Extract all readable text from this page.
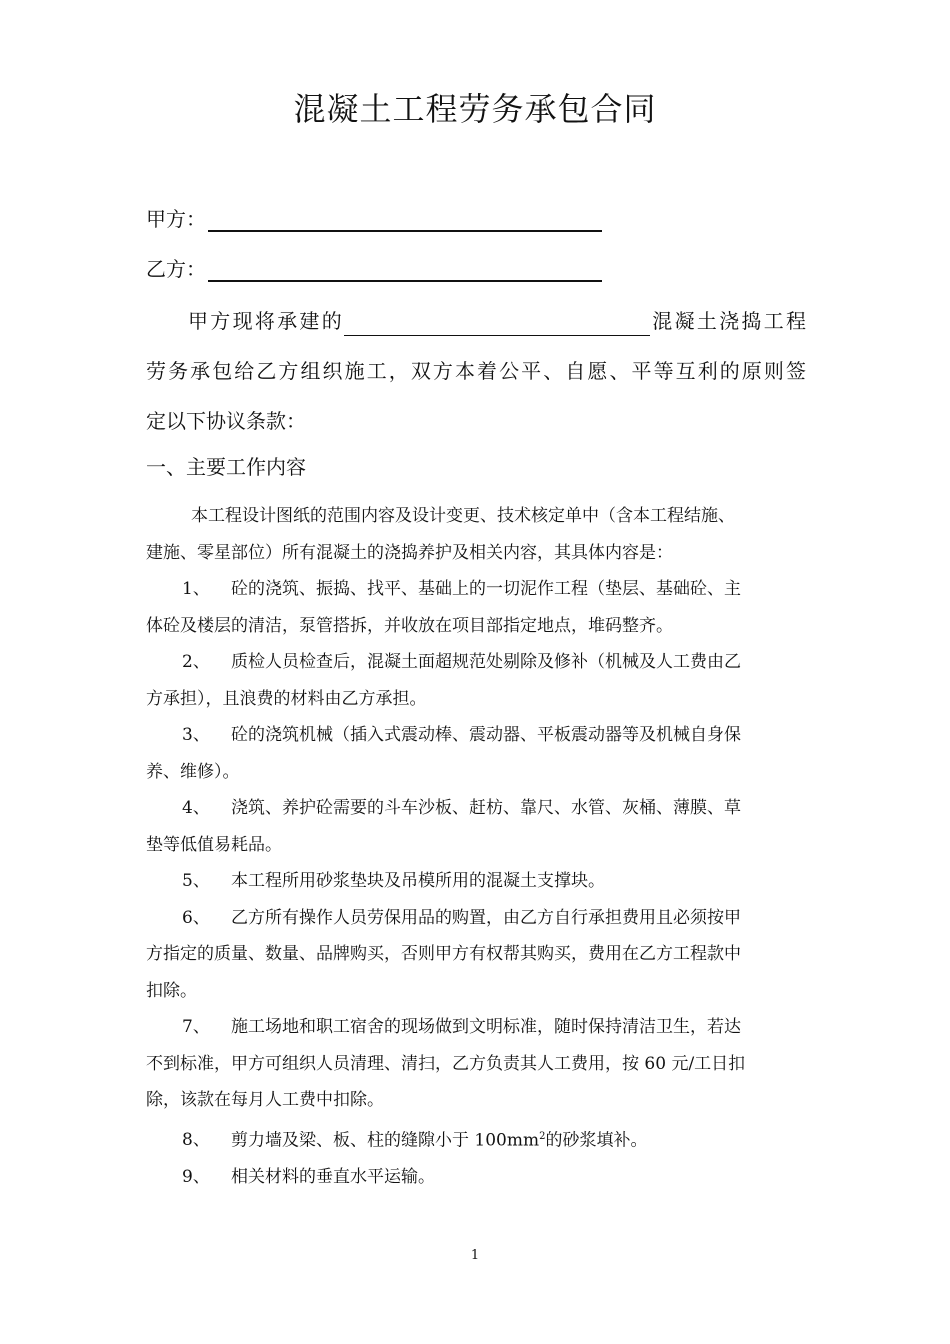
混凝土工程劳务承包合同
甲方：
乙方：
甲方现将承建的	混凝土浇捣工程
劳务承包给乙方组织施工，双方本着公平、自愿、平等互利的原则签
定以下协议条款：
一、主要工作内容

本工程设计图纸的范围内容及设计变更、技术核定单中（含本工程结施、
建施、零星部位）所有混凝土的浇捣养护及相关内容，其具体内容是：

1、 砼的浇筑、振捣、找平、基础上的一切泥作工程（垫层、基础砼、主
体砼及楼层的清洁，泵管搭拆，并收放在项目部指定地点，堆码整齐。

2、 质检人员检查后，混凝土面超规范处剔除及修补（机械及人工费由乙
方承担），且浪费的材料由乙方承担。

3、 砼的浇筑机械（插入式震动棒、震动器、平板震动器等及机械自身保
养、维修）。

4、 浇筑、养护砼需要的斗车沙板、赶枋、靠尺、水管、灰桶、薄膜、草
垫等低值易耗品。

5、 本工程所用砂浆垫块及吊模所用的混凝土支撑块。

6、 乙方所有操作人员劳保用品的购置，由乙方自行承担费用且必须按甲
方指定的质量、数量、品牌购买，否则甲方有权帮其购买，费用在乙方工程款中
扣除。

7、 施工场地和职工宿舍的现场做到文明标准，随时保持清洁卫生，若达
不到标准，甲方可组织人员清理、清扫，乙方负责其人工费用，按 60 元/工日扣
除，该款在每月人工费中扣除。

8、 剪力墙及梁、板、柱的缝隙小于 $100mm^2$的砂浆填补。

9、 相关材料的垂直水平运输。

1
